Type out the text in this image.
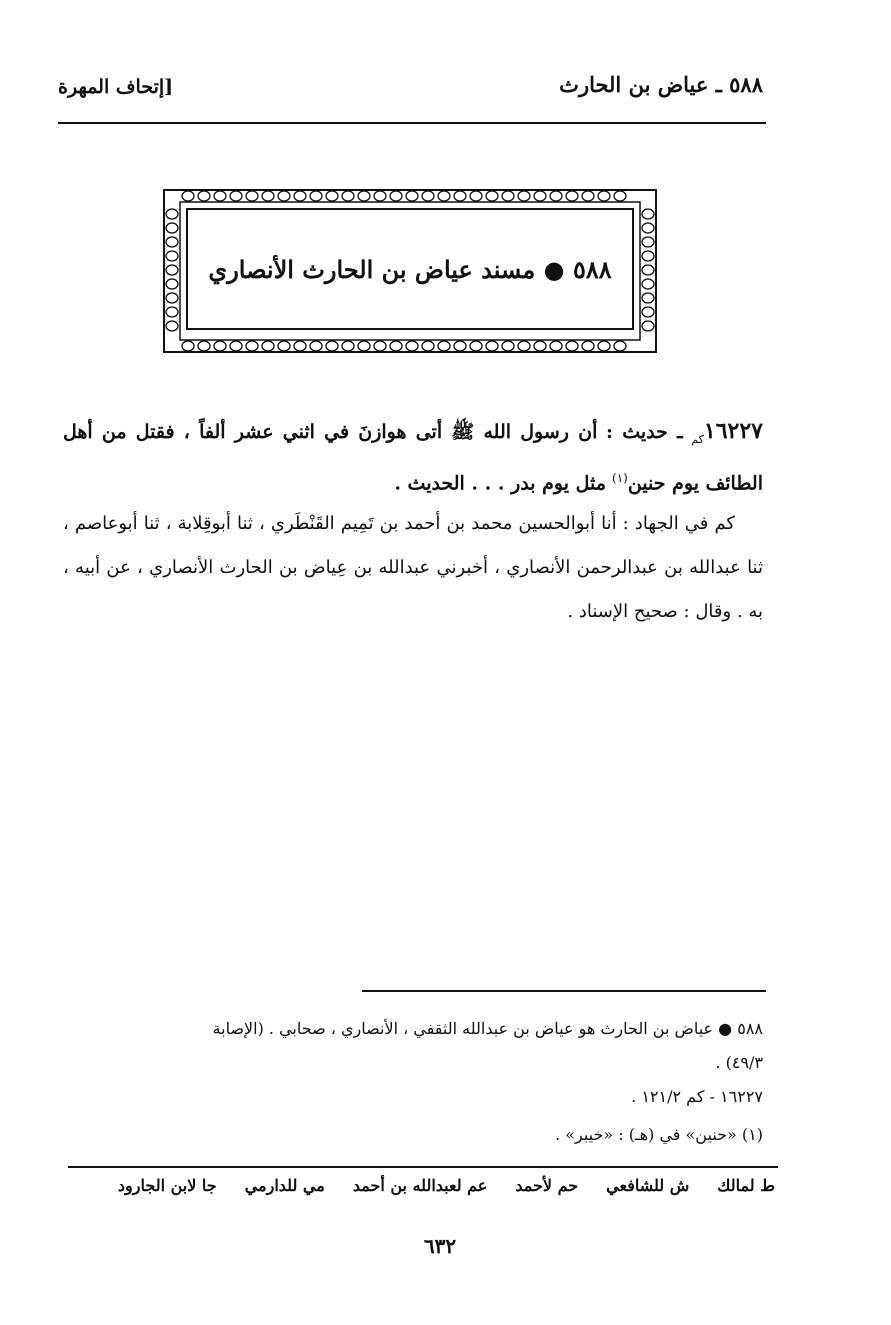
٥٨٨ ـ عياض بن الحارث
[إتحاف المهرة
٥٨٨ ● مسند عياض بن الحارث الأنصاري
$١٦٢٢٧_{كم}$ ـ حديث : أن رسول الله ﷺ أتى هوازنَ في اثني عشر ألفاً ، فقتل من أهل الطائف يوم حنين$^{(١)}$ مثل يوم بدر . . . الحديث .
كم في الجهاد : أنا أبوالحسين محمد بن أحمد بن تَمِيم القَنْطَري ، ثنا أبوقِلابة ، ثنا أبوعاصم ، ثنا عبدالله بن عبدالرحمن الأنصاري ، أخبرني عبدالله بن عِياض بن الحارث الأنصاري ، عن أبيه ، به . وقال : صحيح الإسناد .
٥٨٨ ● عياض بن الحارث هو عياض بن عبدالله الثقفي ، الأنصاري ، صحابي . (الإصابة
٤٩/٣) .
١٦٢٢٧ - كم ١٢١/٢ .
(١) «حنين» في (هـ) : «خيبر» .
ط لمالك
ش للشافعي
حم لأحمد
عم لعبدالله بن أحمد
مي للدارمي
جا لابن الجارود
٦٣٢
